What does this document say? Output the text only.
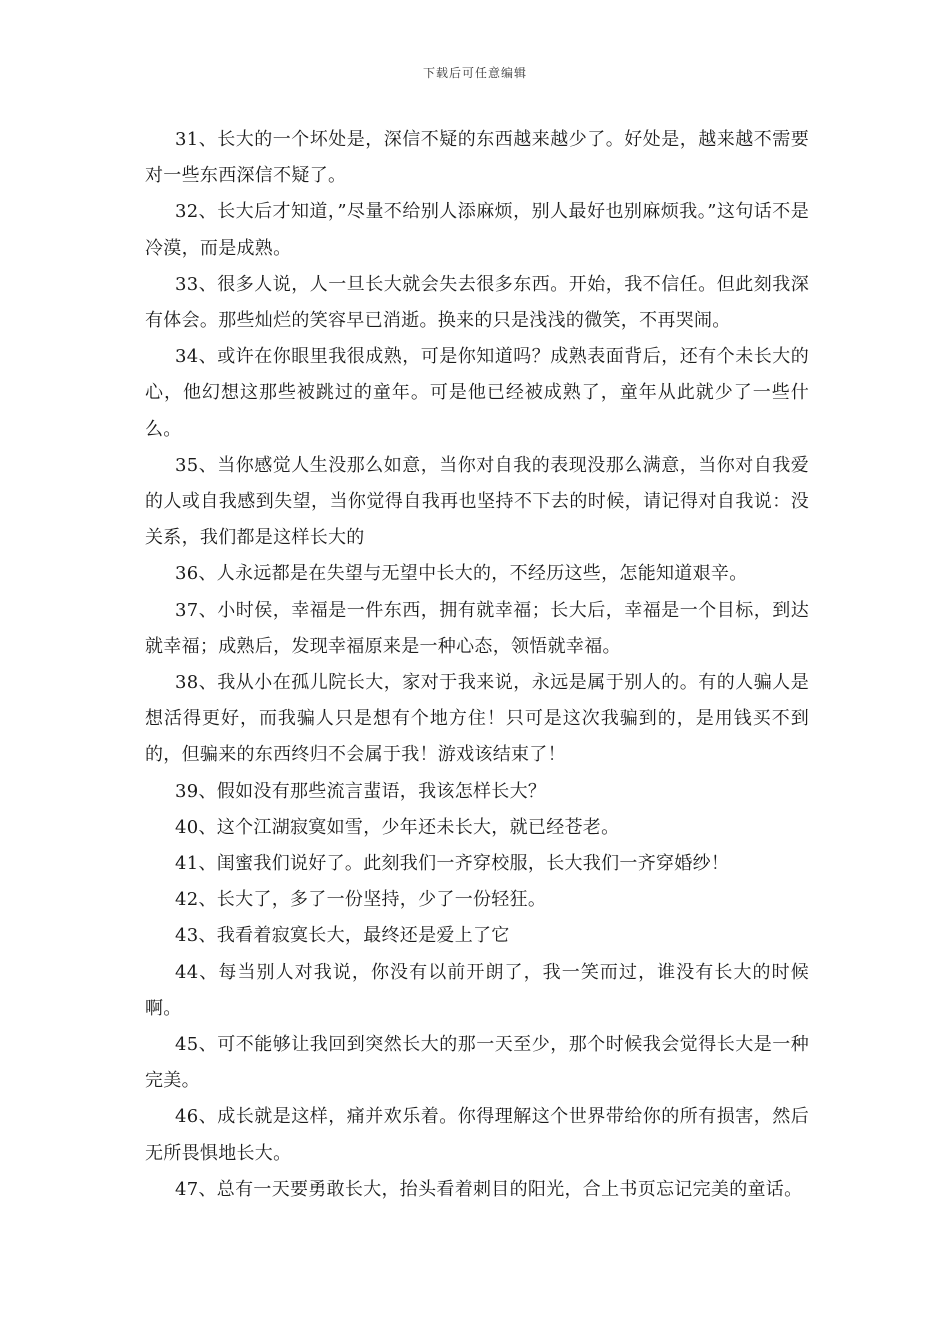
下载后可任意编辑

31、长大的一个坏处是，深信不疑的东西越来越少了。好处是，越来越不需要对一些东西深信不疑了。

32、长大后才知道，”尽量不给别人添麻烦，别人最好也别麻烦我。”这句话不是冷漠，而是成熟。

33、很多人说，人一旦长大就会失去很多东西。开始，我不信任。但此刻我深有体会。那些灿烂的笑容早已消逝。换来的只是浅浅的微笑，不再哭闹。

34、或许在你眼里我很成熟，可是你知道吗？成熟表面背后，还有个未长大的心，他幻想这那些被跳过的童年。可是他已经被成熟了，童年从此就少了一些什么。

35、当你感觉人生没那么如意，当你对自我的表现没那么满意，当你对自我爱的人或自我感到失望，当你觉得自我再也坚持不下去的时候，请记得对自我说：没关系，我们都是这样长大的

36、人永远都是在失望与无望中长大的，不经历这些，怎能知道艰辛。

37、小时侯，幸福是一件东西，拥有就幸福；长大后，幸福是一个目标，到达就幸福；成熟后，发现幸福原来是一种心态，领悟就幸福。

38、我从小在孤儿院长大，家对于我来说，永远是属于别人的。有的人骗人是想活得更好，而我骗人只是想有个地方住！只可是这次我骗到的，是用钱买不到的，但骗来的东西终归不会属于我！游戏该结束了！

39、假如没有那些流言蜚语，我该怎样长大？

40、这个江湖寂寞如雪，少年还未长大，就已经苍老。

41、闺蜜我们说好了。此刻我们一齐穿校服，长大我们一齐穿婚纱！

42、长大了，多了一份坚持，少了一份轻狂。

43、我看着寂寞长大，最终还是爱上了它

44、每当别人对我说，你没有以前开朗了，我一笑而过，谁没有长大的时候啊。

45、可不能够让我回到突然长大的那一天至少，那个时候我会觉得长大是一种完美。

46、成长就是这样，痛并欢乐着。你得理解这个世界带给你的所有损害，然后无所畏惧地长大。

47、总有一天要勇敢长大，抬头看着刺目的阳光，合上书页忘记完美的童话。
